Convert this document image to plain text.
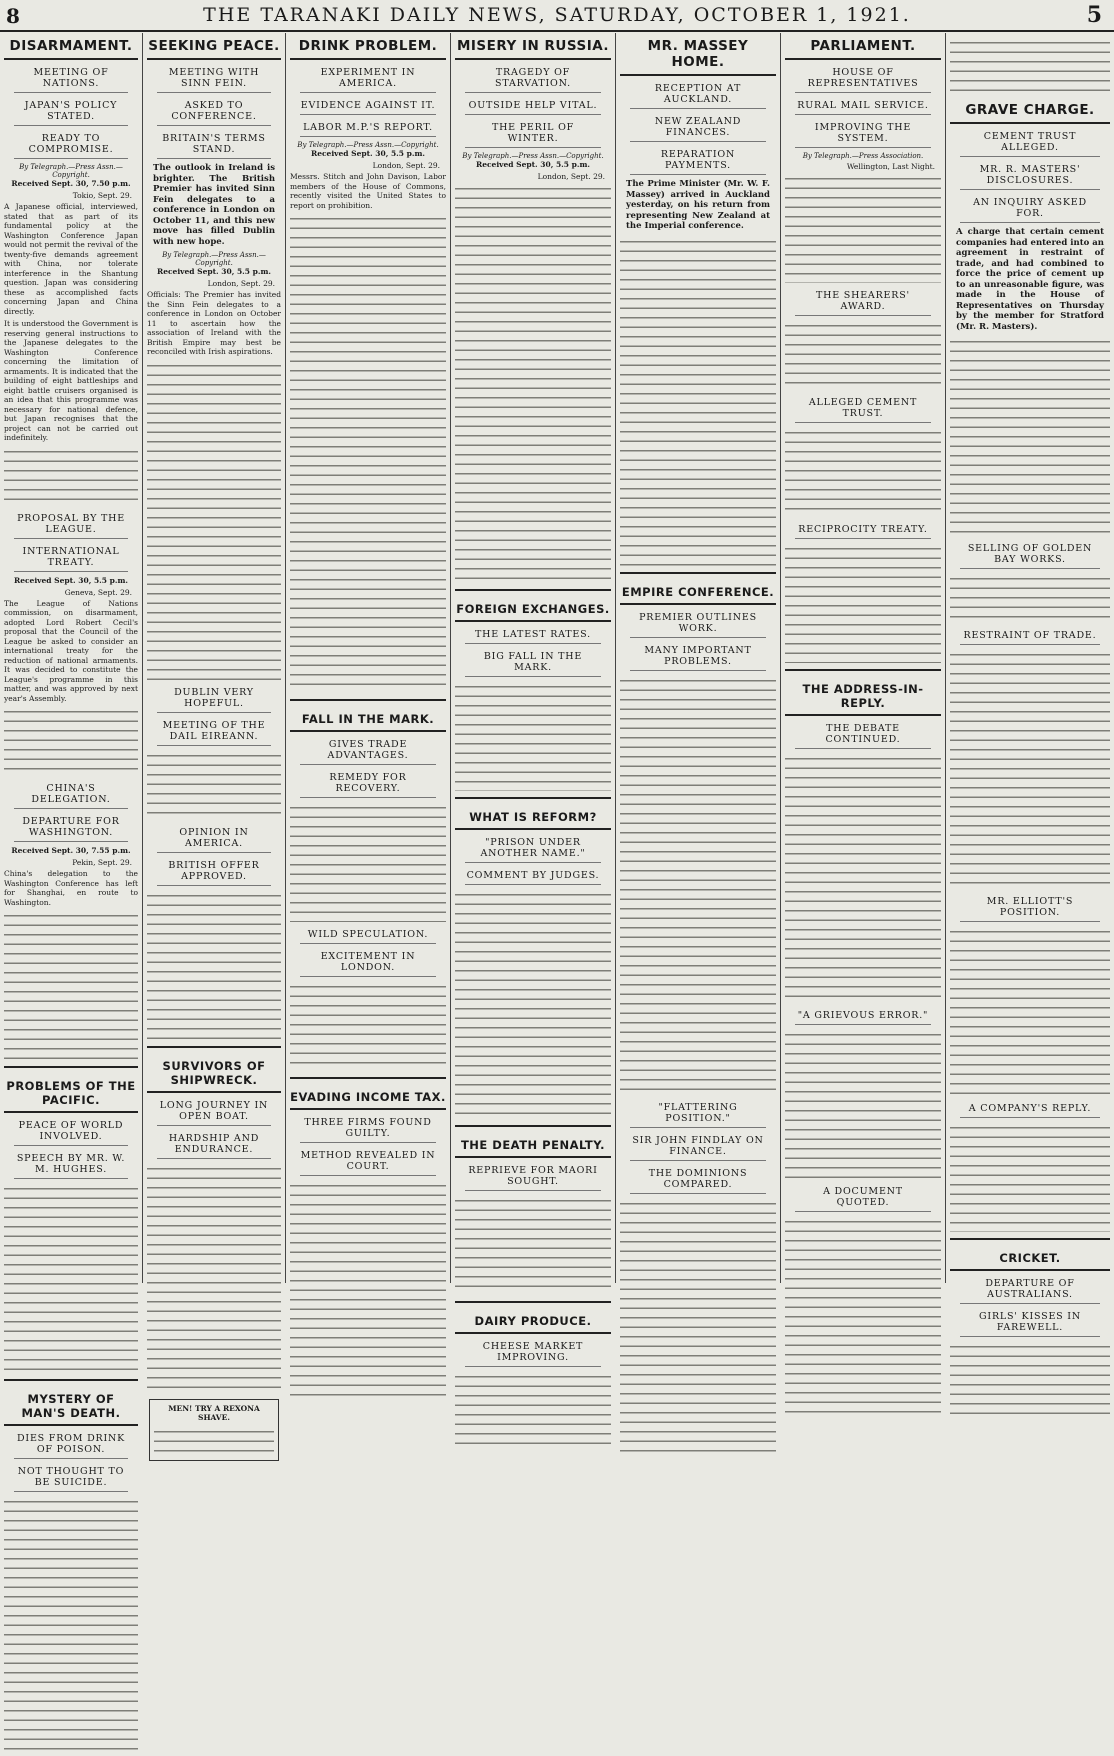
8	THE TARANAKI DAILY NEWS, SATURDAY, OCTOBER 1, 1921.	5
DISARMAMENT.
MEETING OF NATIONS.
JAPAN'S POLICY STATED.
READY TO COMPROMISE.
By Telegraph.—Press Assn.—Copyright.
Received Sept. 30, 7.50 p.m.
Tokio, Sept. 29.

A Japanese official, interviewed, stated that as part of its fundamental policy at the Washington Conference Japan would not permit the revival of the twenty-five demands agreement with China, nor tolerate interference in the Shantung question. Japan was considering these as accomplished facts concerning Japan and China directly.

It is understood the Government is reserving general instructions to the Japanese delegates to the Washington Conference concerning the limitation of armaments. It is indicated that the building of eight battleships and eight battle cruisers organised is an idea that this programme was necessary for national defence, but Japan recognises that the project can not be carried out indefinitely.

PROPOSAL BY THE LEAGUE.
INTERNATIONAL TREATY.
Received Sept. 30, 5.5 p.m.
Geneva, Sept. 29.

The League of Nations commission, on disarmament, adopted Lord Robert Cecil's proposal that the Council of the League be asked to consider an international treaty for the reduction of national armaments. It was decided to constitute the League's programme in this matter, and was approved by next year's Assembly.

CHINA'S DELEGATION.
DEPARTURE FOR WASHINGTON.
Received Sept. 30, 7.55 p.m.
Pekin, Sept. 29.

China's delegation to the Washington Conference has left for Shanghai, en route to Washington.

PROBLEMS OF THE PACIFIC.
PEACE OF WORLD INVOLVED.
SPEECH BY MR. W. M. HUGHES.
MYSTERY OF MAN'S DEATH.
DIES FROM DRINK OF POISON.
NOT THOUGHT TO BE SUICIDE.
SEEKING PEACE.
MEETING WITH SINN FEIN.
ASKED TO CONFERENCE.
BRITAIN'S TERMS STAND.

The outlook in Ireland is brighter. The British Premier has invited Sinn Fein delegates to a conference in London on October 11, and this new move has filled Dublin with new hope.

By Telegraph.—Press Assn.—Copyright.
Received Sept. 30, 5.5 p.m.
London, Sept. 29.

Officials: The Premier has invited the Sinn Fein delegates to a conference in London on October 11 to ascertain how the association of Ireland with the British Empire may best be reconciled with Irish aspirations.

DUBLIN VERY HOPEFUL.
MEETING OF THE DAIL EIREANN.
OPINION IN AMERICA.
BRITISH OFFER APPROVED.
SURVIVORS OF SHIPWRECK.
LONG JOURNEY IN OPEN BOAT.
HARDSHIP AND ENDURANCE.
MEN! TRY A REXONA SHAVE.
DRINK PROBLEM.
EXPERIMENT IN AMERICA.
EVIDENCE AGAINST IT.
LABOR M.P.'S REPORT.
By Telegraph.—Press Assn.—Copyright.
Received Sept. 30, 5.5 p.m.
London, Sept. 29.

Messrs. Stitch and John Davison, Labor members of the House of Commons, recently visited the United States to report on prohibition.

FALL IN THE MARK.
GIVES TRADE ADVANTAGES.
REMEDY FOR RECOVERY.
WILD SPECULATION.
EXCITEMENT IN LONDON.
EVADING INCOME TAX.
THREE FIRMS FOUND GUILTY.
METHOD REVEALED IN COURT.
MISERY IN RUSSIA.
TRAGEDY OF STARVATION.
OUTSIDE HELP VITAL.
THE PERIL OF WINTER.
By Telegraph.—Press Assn.—Copyright.
Received Sept. 30, 5.5 p.m.
London, Sept. 29.
FOREIGN EXCHANGES.
THE LATEST RATES.
BIG FALL IN THE MARK.
WHAT IS REFORM?
"PRISON UNDER ANOTHER NAME."
COMMENT BY JUDGES.
THE DEATH PENALTY.
REPRIEVE FOR MAORI SOUGHT.
DAIRY PRODUCE.
CHEESE MARKET IMPROVING.
MR. MASSEY HOME.
RECEPTION AT AUCKLAND.
NEW ZEALAND FINANCES.
REPARATION PAYMENTS.

The Prime Minister (Mr. W. F. Massey) arrived in Auckland yesterday, on his return from representing New Zealand at the Imperial conference.

EMPIRE CONFERENCE.
PREMIER OUTLINES WORK.
MANY IMPORTANT PROBLEMS.
"FLATTERING POSITION."
SIR JOHN FINDLAY ON FINANCE.
THE DOMINIONS COMPARED.
PARLIAMENT.
HOUSE OF REPRESENTATIVES
RURAL MAIL SERVICE.
IMPROVING THE SYSTEM.
By Telegraph.—Press Association.
Wellington, Last Night.
THE SHEARERS' AWARD.
ALLEGED CEMENT TRUST.
RECIPROCITY TREATY.
THE ADDRESS-IN-REPLY.
THE DEBATE CONTINUED.
"A GRIEVOUS ERROR."
A DOCUMENT QUOTED.
GRAVE CHARGE.
CEMENT TRUST ALLEGED.
MR. R. MASTERS' DISCLOSURES.
AN INQUIRY ASKED FOR.

A charge that certain cement companies had entered into an agreement in restraint of trade, and had combined to force the price of cement up to an unreasonable figure, was made in the House of Representatives on Thursday by the member for Stratford (Mr. R. Masters).

SELLING OF GOLDEN BAY WORKS.
RESTRAINT OF TRADE.
MR. ELLIOTT'S POSITION.
A COMPANY'S REPLY.
CRICKET.
DEPARTURE OF AUSTRALIANS.
GIRLS' KISSES IN FAREWELL.
